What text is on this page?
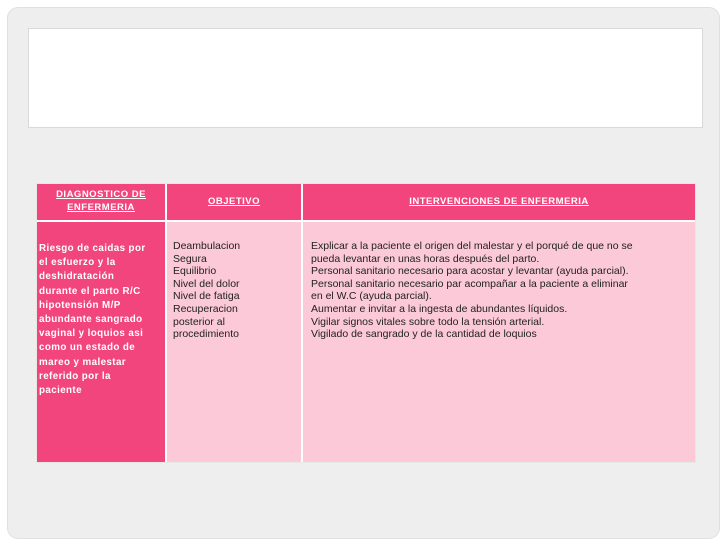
DIAGNOSTICO DE ENFERMERIA
OBJETIVO	INTERVENCIONES DE ENFERMERIA
Riesgo de caidas por
el esfuerzo y la
deshidratación
durante el parto R/C
hipotensión M/P
abundante sangrado
vaginal y loquios asi
como un estado de
mareo y malestar
referido por la
paciente
Deambulacion
Segura
Equilibrio
Nivel del dolor
Nivel de fatiga
Recuperacion
posterior al
procedimiento
Explicar a la paciente el origen del malestar y el porqué de que no se
pueda levantar en unas horas después del parto.
Personal sanitario necesario para acostar y levantar (ayuda parcial).
Personal sanitario necesario par acompañar a la paciente a eliminar
en el W.C (ayuda parcial).
Aumentar e invitar a la ingesta de abundantes líquidos.
Vigilar signos vitales sobre todo la tensión arterial.
Vigilado de sangrado y de la cantidad de loquios
